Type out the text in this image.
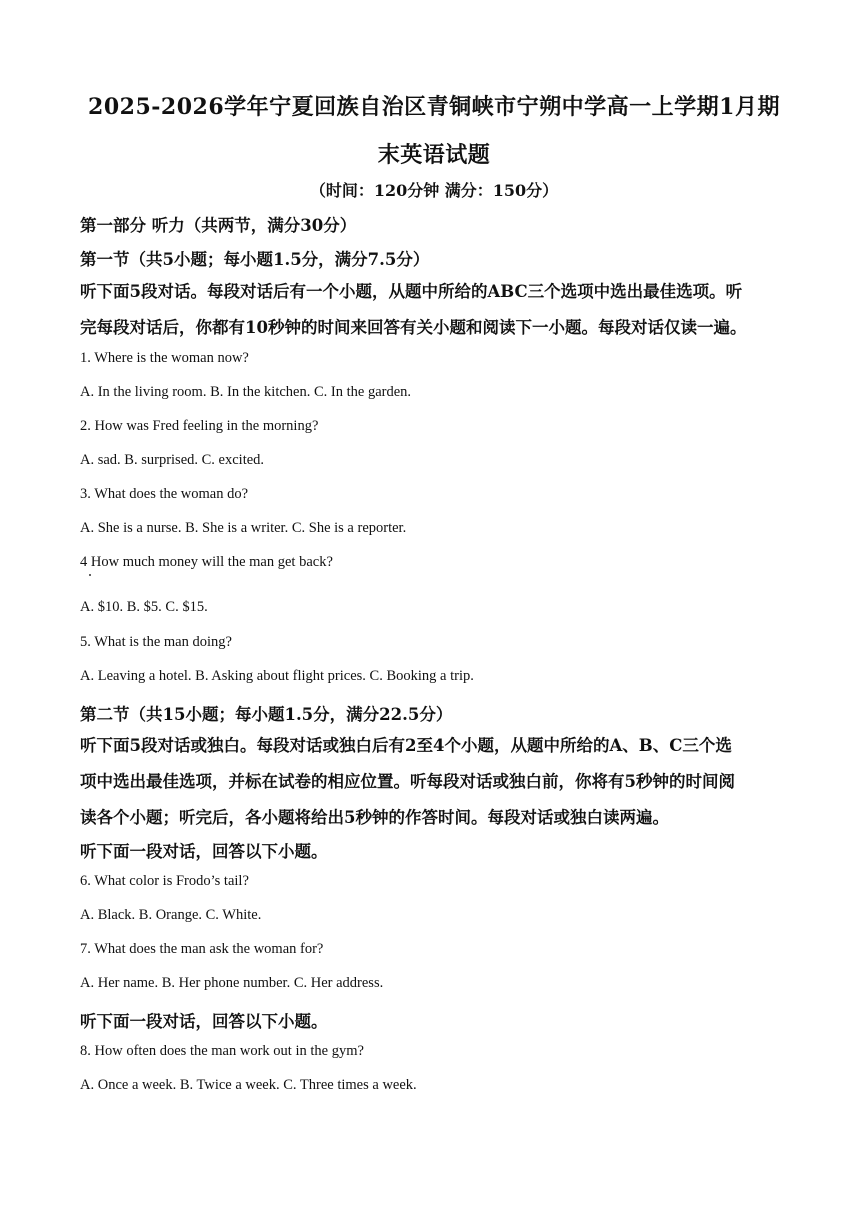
2025-2026学年宁夏回族自治区青铜峡市宁朔中学高一上学期1月期
末英语试题
（时间：120分钟 满分：150分）
第一部分 听力（共两节，满分30分）
第一节（共5小题；每小题1.5分，满分7.5分）
听下面5段对话。每段对话后有一个小题，从题中所给的ABC三个选项中选出最佳选项。听
完每段对话后，你都有10秒钟的时间来回答有关小题和阅读下一小题。每段对话仅读一遍。
1. Where is the woman now?
A. In the living room. B. In the kitchen. C. In the garden.
2. How was Fred feeling in the morning?
A. sad. B. surprised. C. excited.
3. What does the woman do?
A. She is a nurse. B. She is a writer. C. She is a reporter.
4 How much money will the man get back?
A. $10. B. $5. C. $15.
5. What is the man doing?
A. Leaving a hotel. B. Asking about flight prices. C. Booking a trip.
第二节（共15小题；每小题1.5分，满分22.5分）
听下面5段对话或独白。每段对话或独白后有2至4个小题，从题中所给的A、B、C三个选
项中选出最佳选项，并标在试卷的相应位置。听每段对话或独白前，你将有5秒钟的时间阅
读各个小题；听完后，各小题将给出5秒钟的作答时间。每段对话或独白读两遍。
听下面一段对话，回答以下小题。
6. What color is Frodo’s tail?
A. Black. B. Orange. C. White.
7. What does the man ask the woman for?
A. Her name. B. Her phone number. C. Her address.
听下面一段对话，回答以下小题。
8. How often does the man work out in the gym?
A. Once a week. B. Twice a week. C. Three times a week.
